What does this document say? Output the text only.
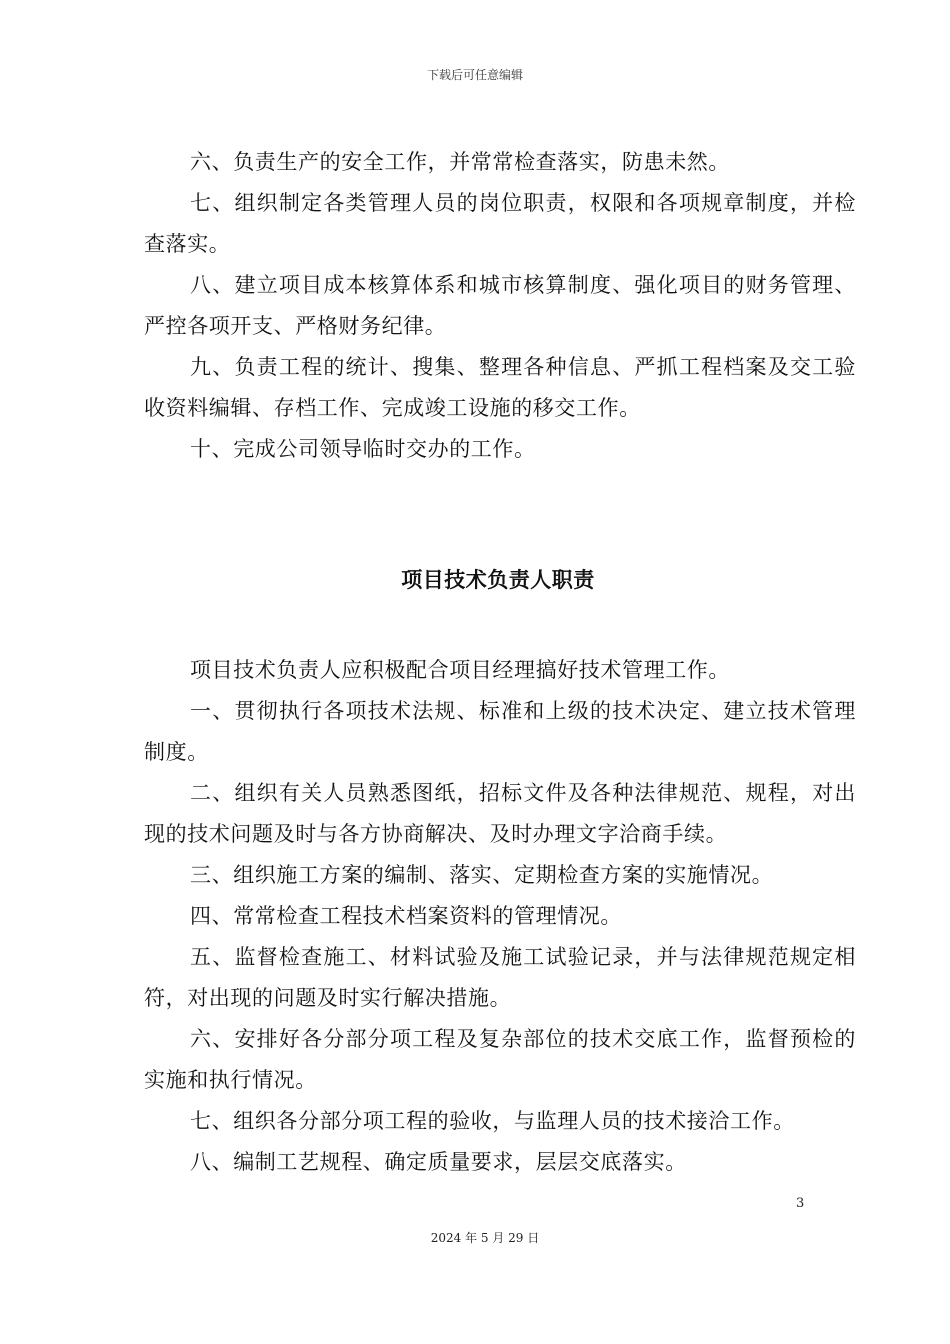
下载后可任意编辑

六、负责生产的安全工作，并常常检查落实，防患未然。

七、组织制定各类管理人员的岗位职责，权限和各项规章制度，并检查落实。

八、建立项目成本核算体系和城市核算制度、强化项目的财务管理、严控各项开支、严格财务纪律。

九、负责工程的统计、搜集、整理各种信息、严抓工程档案及交工验收资料编辑、存档工作、完成竣工设施的移交工作。

十、完成公司领导临时交办的工作。

项目技术负责人职责

项目技术负责人应积极配合项目经理搞好技术管理工作。

一、贯彻执行各项技术法规、标准和上级的技术决定、建立技术管理制度。

二、组织有关人员熟悉图纸，招标文件及各种法律规范、规程，对出现的技术问题及时与各方协商解决、及时办理文字洽商手续。

三、组织施工方案的编制、落实、定期检查方案的实施情况。

四、常常检查工程技术档案资料的管理情况。

五、监督检查施工、材料试验及施工试验记录，并与法律规范规定相符，对出现的问题及时实行解决措施。

六、安排好各分部分项工程及复杂部位的技术交底工作，监督预检的实施和执行情况。

七、组织各分部分项工程的验收，与监理人员的技术接洽工作。

八、编制工艺规程、确定质量要求，层层交底落实。

3
2024 年 5 月 29 日
